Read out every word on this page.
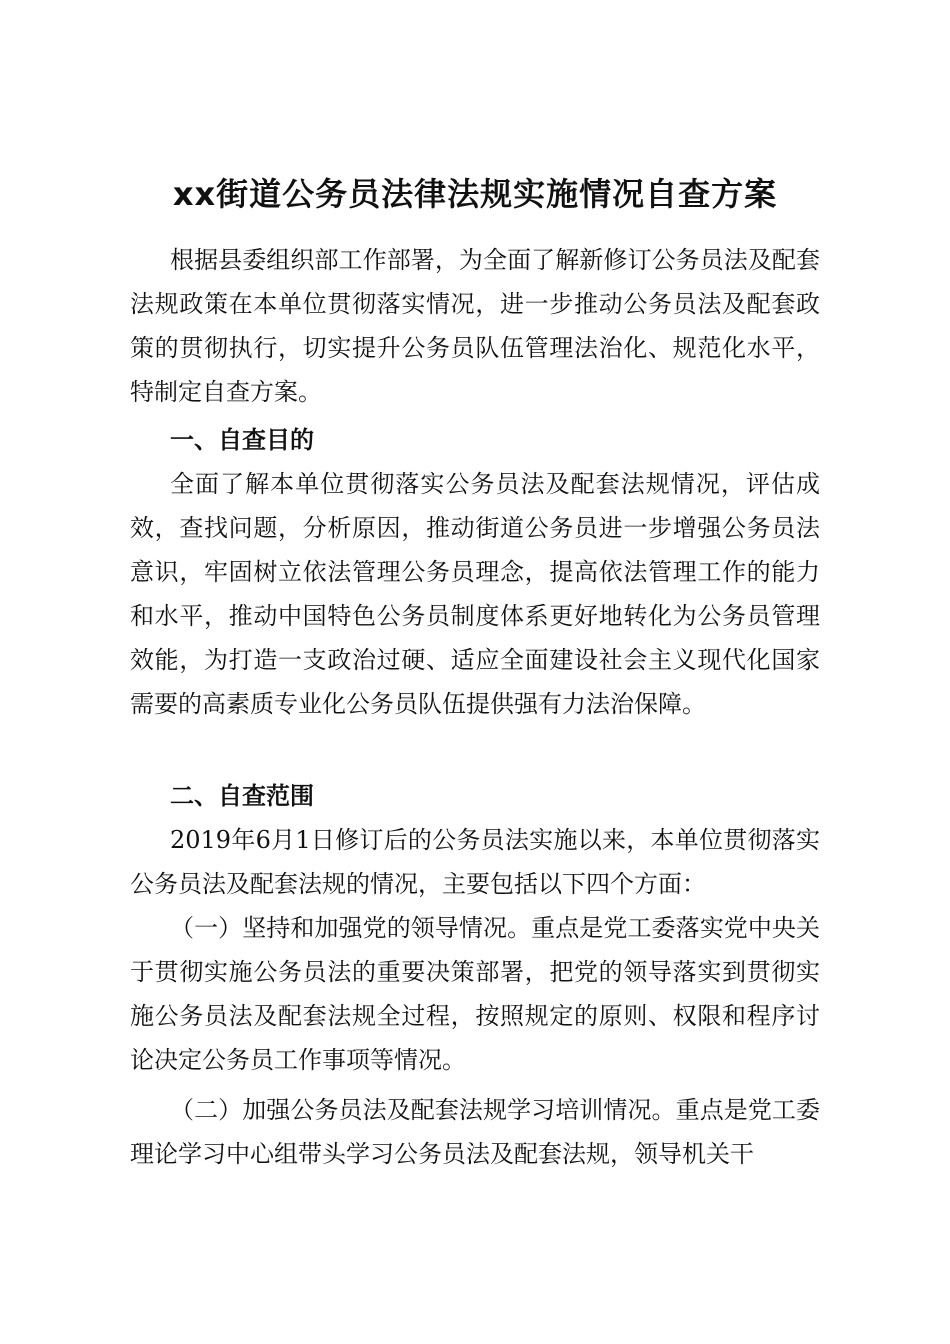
xx街道公务员法律法规实施情况自查方案

根据县委组织部工作部署，为全面了解新修订公务员法及配套法规政策在本单位贯彻落实情况，进一步推动公务员法及配套政策的贯彻执行，切实提升公务员队伍管理法治化、规范化水平，特制定自查方案。

一、自查目的

全面了解本单位贯彻落实公务员法及配套法规情况，评估成效，查找问题，分析原因，推动街道公务员进一步增强公务员法意识，牢固树立依法管理公务员理念，提高依法管理工作的能力和水平，推动中国特色公务员制度体系更好地转化为公务员管理效能，为打造一支政治过硬、适应全面建设社会主义现代化国家需要的高素质专业化公务员队伍提供强有力法治保障。

二、自查范围

2019年6月1日修订后的公务员法实施以来，本单位贯彻落实公务员法及配套法规的情况，主要包括以下四个方面：

（一）坚持和加强党的领导情况。重点是党工委落实党中央关于贯彻实施公务员法的重要决策部署，把党的领导落实到贯彻实施公务员法及配套法规全过程，按照规定的原则、权限和程序讨论决定公务员工作事项等情况。

（二）加强公务员法及配套法规学习培训情况。重点是党工委理论学习中心组带头学习公务员法及配套法规，领导机关干
